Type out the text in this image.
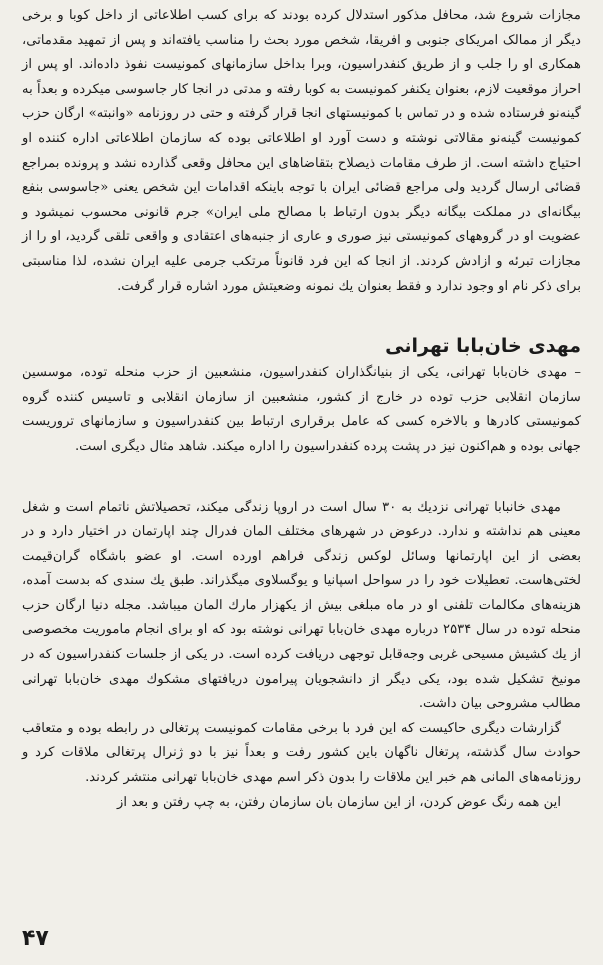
مجازات شروع شد، محافل مذکور استدلال کرده بودند که برای کسب اطلاعاتی از داخل کوبا و برخی دیگر از ممالک امریکای جنوبی و افریقا، شخص مورد بحث را مناسب یافته‌اند و پس از تمهید مقدماتی، همکاری او را جلب و از طریق کنفدراسیون، وبرا بداخل سازمانهای کمونیست نفوذ داده‌اند. او پس از احراز موقعیت لازم، بعنوان یکنفر کمونیست به کوبا رفته و مدتی در انجا کار جاسوسی میکرده و بعداً به گینه‌نو فرستاده شده و در تماس با کمونیستهای انجا قرار گرفته و حتی در روزنامه «وانبته» ارگان حزب کمونیست گینه‌نو مقالاتی نوشته و دست آورد او اطلاعاتی بوده که سازمان اطلاعاتی اداره کننده او احتیاج داشته است. از طرف مقامات ذیصلاح بتقاضاهای این محافل وقعی گذارده نشد و پرونده بمراجع قضائی ارسال گردید ولی مراجع قضائی ایران با توجه باینکه اقدامات این شخص یعنی «جاسوسی بنفع بیگانه‌ای در مملکت بیگانه دیگر بدون ارتباط با مصالح ملی ایران» جرم قانونی محسوب نمیشود و عضویت او در گروههای کمونیستی نیز صوری و عاری از جنبه‌های اعتقادی و واقعی تلقی گردید، او را از مجازات تبرئه و ازادش کردند. از انجا که این فرد قانوناً مرتکب جرمی علیه ایران نشده، لذا مناسبتی برای ذکر نام او وجود ندارد و فقط بعنوان یك نمونه وضعیتش مورد اشاره قرار گرفت.

مهدی خان‌بابا تهرانی

– مهدی خان‌بابا تهرانی، یکی از بنیانگذاران کنفدراسیون، منشعبین از حزب منحله توده، موسسین سازمان انقلابی حزب توده در خارج از کشور، منشعبین از سازمان انقلابی و تاسیس کننده گروه کمونیستی کادرها و بالاخره کسی که عامل برقراری ارتباط بین کنفدراسیون و سازمانهای تروریست جهانی بوده و هم‌اکنون نیز در پشت پرده کنفدراسیون را اداره میکند. شاهد مثال دیگری است.

مهدی خانبابا تهرانی نزدیك به ۳۰ سال است در اروپا زندگی میکند، تحصیلاتش ناتمام است و شغل معینی هم نداشته و ندارد. درعوض در شهرهای مختلف المان فدرال چند اپارتمان در اختیار دارد و در بعضی از این اپارتمانها وسائل لوکس زندگی فراهم اورده است. او عضو باشگاه گران‌قیمت لختی‌هاست. تعطیلات خود را در سواحل اسپانیا و یوگسلاوی میگذراند. طبق یك سندی که بدست آمده، هزینه‌های مکالمات تلفنی او در ماه مبلغی بیش از یکهزار مارك المان میباشد. مجله دنیا ارگان حزب منحله توده در سال ۲۵۳۴ درباره مهدی خان‌بابا تهرانی نوشته بود که او برای انجام ماموریت مخصوصی از یك کشیش مسیحی غربی وجه‌قابل توجهی دریافت کرده است. در یکی از جلسات کنفدراسیون که در مونیخ تشکیل شده بود، یکی دیگر از دانشجویان پیرامون دریافتهای مشکوك مهدی خان‌بابا تهرانی مطالب مشروحی بیان داشت.

گزارشات دیگری حاکیست که این فرد با برخی مقامات کمونیست پرتغالی در رابطه بوده و متعاقب حوادث سال گذشته، پرتغال ناگهان باین کشور رفت و بعداً نیز با دو ژنرال پرتغالی ملاقات کرد و روزنامه‌های المانی هم خبر این ملاقات را بدون ذکر اسم مهدی خان‌بابا تهرانی منتشر کردند.

این همه رنگ عوض کردن، از این سازمان بان سازمان رفتن، به چپ رفتن و بعد از

۴۷
